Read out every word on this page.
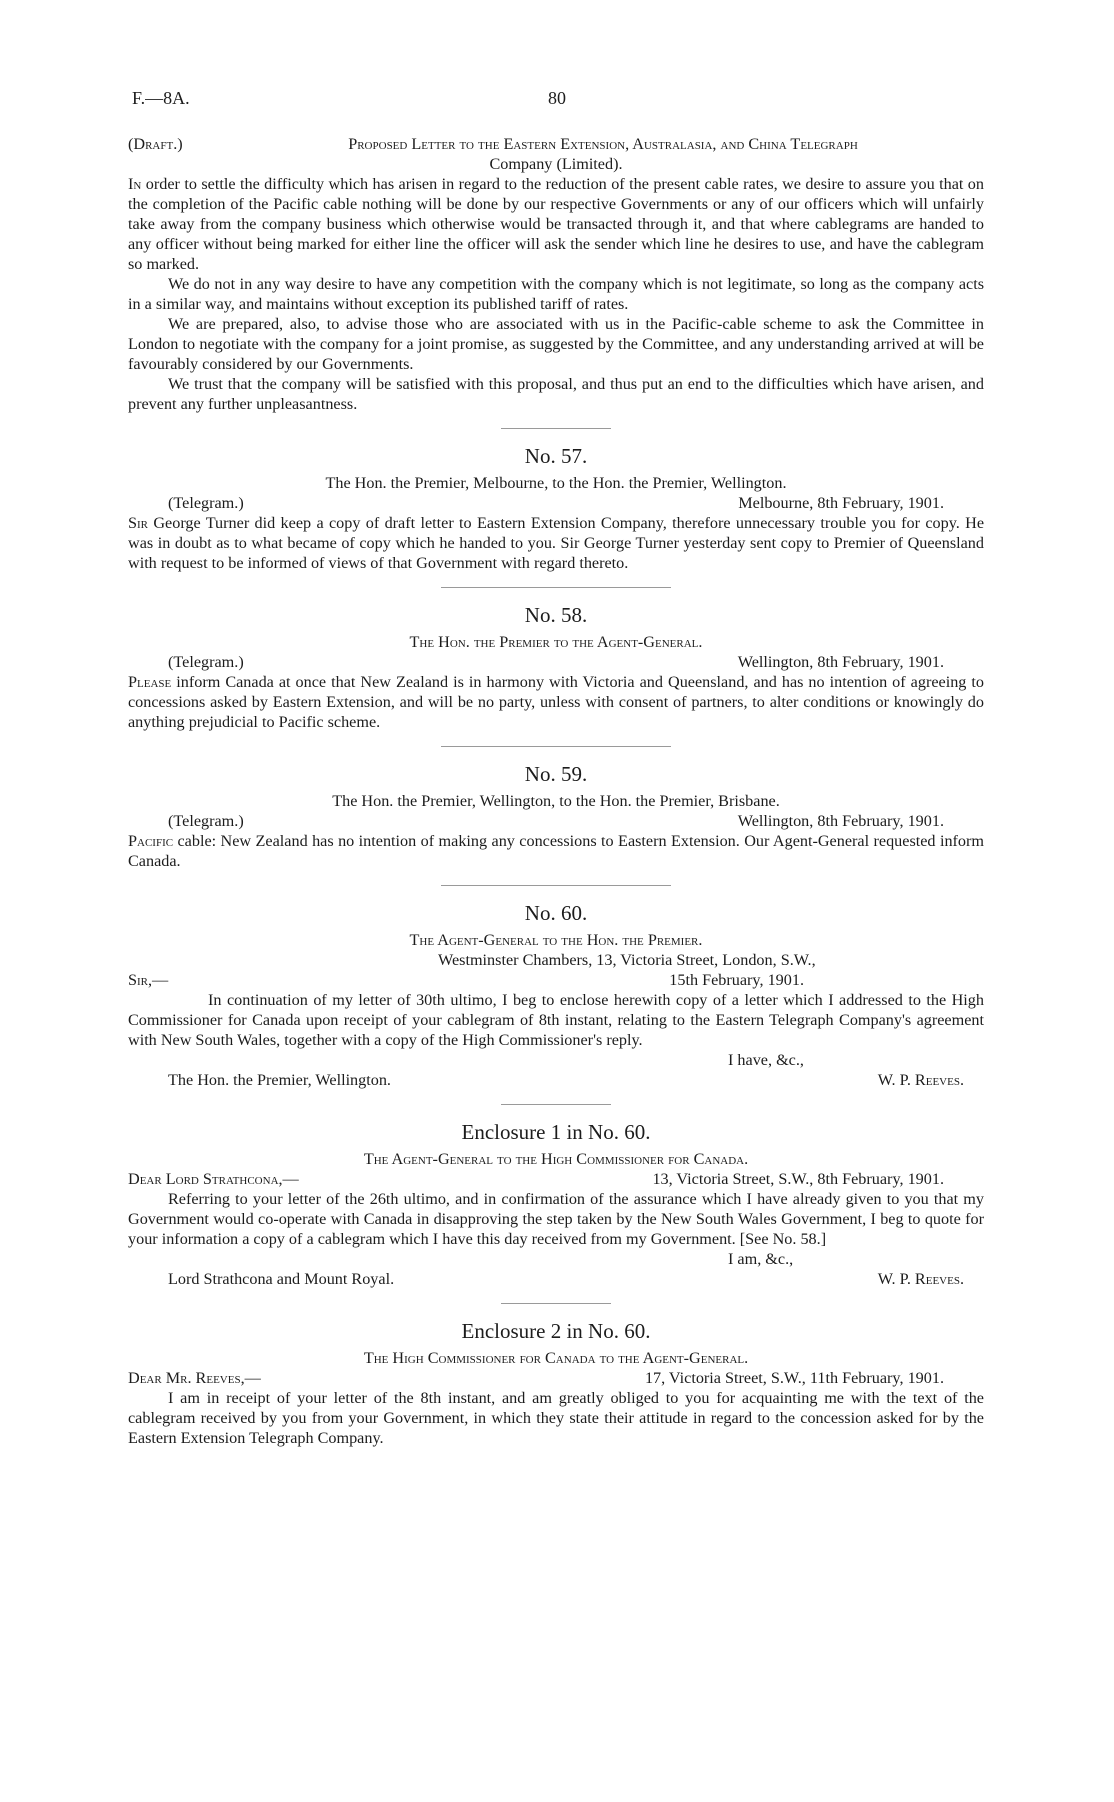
F.—8A.	80
(Draft.)	Proposed Letter to the Eastern Extension, Australasia, and China Telegraph

Company (Limited).

In order to settle the difficulty which has arisen in regard to the reduction of the present cable rates, we desire to assure you that on the completion of the Pacific cable nothing will be done by our respective Governments or any of our officers which will unfairly take away from the company business which otherwise would be transacted through it, and that where cablegrams are handed to any officer without being marked for either line the officer will ask the sender which line he desires to use, and have the cablegram so marked.

We do not in any way desire to have any competition with the company which is not legitimate, so long as the company acts in a similar way, and maintains without exception its published tariff of rates.

We are prepared, also, to advise those who are associated with us in the Pacific-cable scheme to ask the Committee in London to negotiate with the company for a joint promise, as suggested by the Committee, and any understanding arrived at will be favourably considered by our Governments.

We trust that the company will be satisfied with this proposal, and thus put an end to the difficulties which have arisen, and prevent any further unpleasantness.

No. 57.

The Hon. the Premier, Melbourne, to the Hon. the Premier, Wellington.

(Telegram.)	Melbourne, 8th February, 1901.

Sir George Turner did keep a copy of draft letter to Eastern Extension Company, therefore unnecessary trouble you for copy. He was in doubt as to what became of copy which he handed to you. Sir George Turner yesterday sent copy to Premier of Queensland with request to be informed of views of that Government with regard thereto.

No. 58.

The Hon. the Premier to the Agent-General.

(Telegram.)	Wellington, 8th February, 1901.

Please inform Canada at once that New Zealand is in harmony with Victoria and Queensland, and has no intention of agreeing to concessions asked by Eastern Extension, and will be no party, unless with consent of partners, to alter conditions or knowingly do anything prejudicial to Pacific scheme.

No. 59.

The Hon. the Premier, Wellington, to the Hon. the Premier, Brisbane.

(Telegram.)	Wellington, 8th February, 1901.

Pacific cable: New Zealand has no intention of making any concessions to Eastern Extension. Our Agent-General requested inform Canada.

No. 60.

The Agent-General to the Hon. the Premier.

Westminster Chambers, 13, Victoria Street, London, S.W.,

Sir,—	15th February, 1901.

In continuation of my letter of 30th ultimo, I beg to enclose herewith copy of a letter which I addressed to the High Commissioner for Canada upon receipt of your cablegram of 8th instant, relating to the Eastern Telegraph Company's agreement with New South Wales, together with a copy of the High Commissioner's reply.

I have, &c.,

The Hon. the Premier, Wellington.	W. P. Reeves.
Enclosure 1 in No. 60.

The Agent-General to the High Commissioner for Canada.

Dear Lord Strathcona,—	13, Victoria Street, S.W., 8th February, 1901.

Referring to your letter of the 26th ultimo, and in confirmation of the assurance which I have already given to you that my Government would co-operate with Canada in disapproving the step taken by the New South Wales Government, I beg to quote for your information a copy of a cablegram which I have this day received from my Government. [See No. 58.]

I am, &c.,

Lord Strathcona and Mount Royal.	W. P. Reeves.
Enclosure 2 in No. 60.

The High Commissioner for Canada to the Agent-General.

Dear Mr. Reeves,—	17, Victoria Street, S.W., 11th February, 1901.

I am in receipt of your letter of the 8th instant, and am greatly obliged to you for acquainting me with the text of the cablegram received by you from your Government, in which they state their attitude in regard to the concession asked for by the Eastern Extension Telegraph Company.
